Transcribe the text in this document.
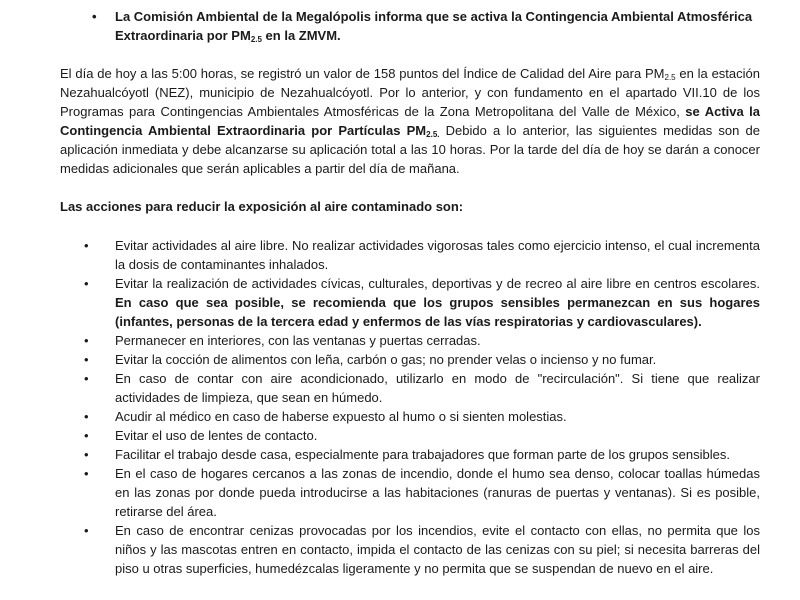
• La Comisión Ambiental de la Megalópolis informa que se activa la Contingencia Ambiental Atmosférica Extraordinaria por $PM_{2.5}$ en la ZMVM.
El día de hoy a las 5:00 horas, se registró un valor de 158 puntos del Índice de Calidad del Aire para $PM_{2.5}$ en la estación Nezahualcóyotl (NEZ), municipio de Nezahualcóyotl. Por lo anterior, y con fundamento en el apartado VII.10 de los Programas para Contingencias Ambientales Atmosféricas de la Zona Metropolitana del Valle de México, se Activa la Contingencia Ambiental Extraordinaria por Partículas $PM_{2.5.}$ Debido a lo anterior, las siguientes medidas son de aplicación inmediata y debe alcanzarse su aplicación total a las 10 horas. Por la tarde del día de hoy se darán a conocer medidas adicionales que serán aplicables a partir del día de mañana.
Las acciones para reducir la exposición al aire contaminado son:
• Evitar actividades al aire libre. No realizar actividades vigorosas tales como ejercicio intenso, el cual incrementa la dosis de contaminantes inhalados.
• Evitar la realización de actividades cívicas, culturales, deportivas y de recreo al aire libre en centros escolares. En caso que sea posible, se recomienda que los grupos sensibles permanezcan en sus hogares (infantes, personas de la tercera edad y enfermos de las vías respiratorias y cardiovasculares).
• Permanecer en interiores, con las ventanas y puertas cerradas.
• Evitar la cocción de alimentos con leña, carbón o gas; no prender velas o incienso y no fumar.
• En caso de contar con aire acondicionado, utilizarlo en modo de "recirculación". Si tiene que realizar actividades de limpieza, que sean en húmedo.
• Acudir al médico en caso de haberse expuesto al humo o si sienten molestias.
• Evitar el uso de lentes de contacto.
• Facilitar el trabajo desde casa, especialmente para trabajadores que forman parte de los grupos sensibles.
• En el caso de hogares cercanos a las zonas de incendio, donde el humo sea denso, colocar toallas húmedas en las zonas por donde pueda introducirse a las habitaciones (ranuras de puertas y ventanas). Si es posible, retirarse del área.
• En caso de encontrar cenizas provocadas por los incendios, evite el contacto con ellas, no permita que los niños y las mascotas entren en contacto, impida el contacto de las cenizas con su piel; si necesita barreras del piso u otras superficies, humedézcalas ligeramente y no permita que se suspendan de nuevo en el aire.
